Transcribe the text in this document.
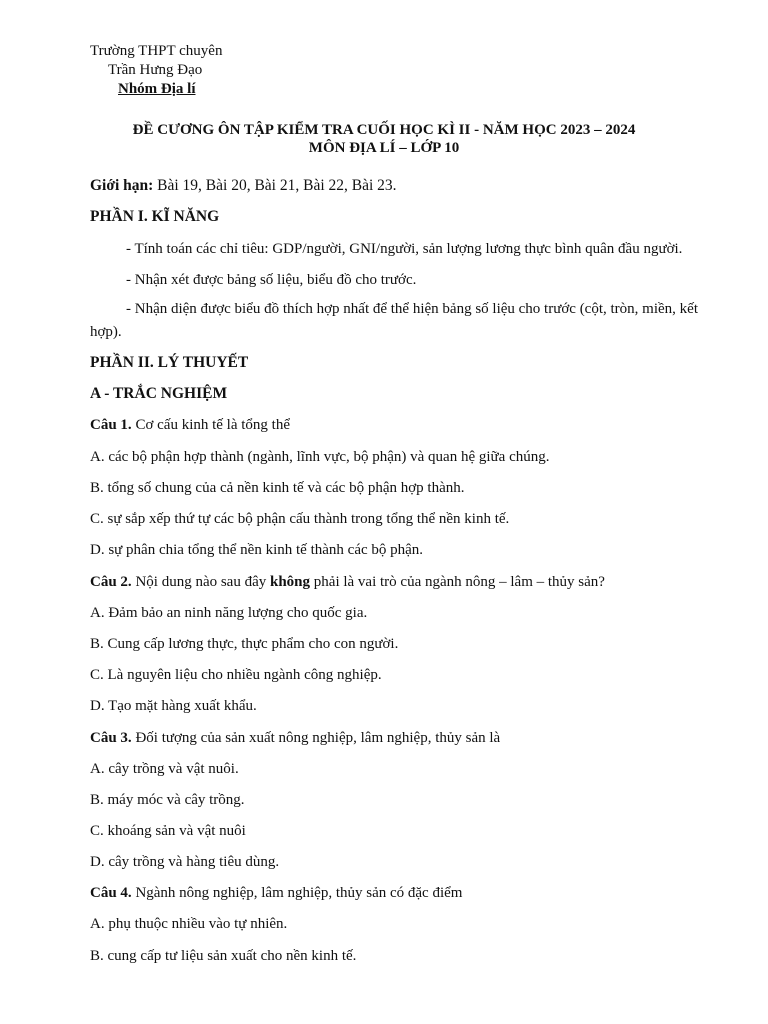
Trường THPT chuyên
Trần Hưng Đạo
Nhóm Địa lí
ĐỀ CƯƠNG ÔN TẬP KIỂM TRA CUỐI HỌC KÌ II - NĂM HỌC 2023 – 2024
MÔN ĐỊA LÍ – LỚP 10
Giới hạn: Bài 19, Bài 20, Bài 21, Bài 22, Bài 23.
PHẦN I. KĨ NĂNG
- Tính toán các chỉ tiêu: GDP/người, GNI/người, sản lượng lương thực bình quân đầu người.
- Nhận xét được bảng số liệu, biểu đồ cho trước.
- Nhận diện được biểu đồ thích hợp nhất để thể hiện bảng số liệu cho trước (cột, tròn, miền, kết hợp).
PHẦN II. LÝ THUYẾT
A - TRẮC NGHIỆM
Câu 1. Cơ cấu kinh tế là tổng thể
A. các bộ phận hợp thành (ngành, lĩnh vực, bộ phận) và quan hệ giữa chúng.
B. tổng số chung của cả nền kinh tế và các bộ phận hợp thành.
C. sự sắp xếp thứ tự các bộ phận cấu thành trong tổng thể nền kinh tế.
D. sự phân chia tổng thể nền kinh tế thành các bộ phận.
Câu 2. Nội dung nào sau đây không phải là vai trò của ngành nông – lâm – thủy sản?
A. Đảm bảo an ninh năng lượng cho quốc gia.
B. Cung cấp lương thực, thực phẩm cho con người.
C. Là nguyên liệu cho nhiều ngành công nghiệp.
D. Tạo mặt hàng xuất khẩu.
Câu 3. Đối tượng của sản xuất nông nghiệp, lâm nghiệp, thủy sản là
A. cây trồng và vật nuôi.
B. máy móc và cây trồng.
C. khoáng sản và vật nuôi
D. cây trồng và hàng tiêu dùng.
Câu 4. Ngành nông nghiệp, lâm nghiệp, thủy sản có đặc điểm
A. phụ thuộc nhiều vào tự nhiên.
B. cung cấp tư liệu sản xuất cho nền kinh tế.
